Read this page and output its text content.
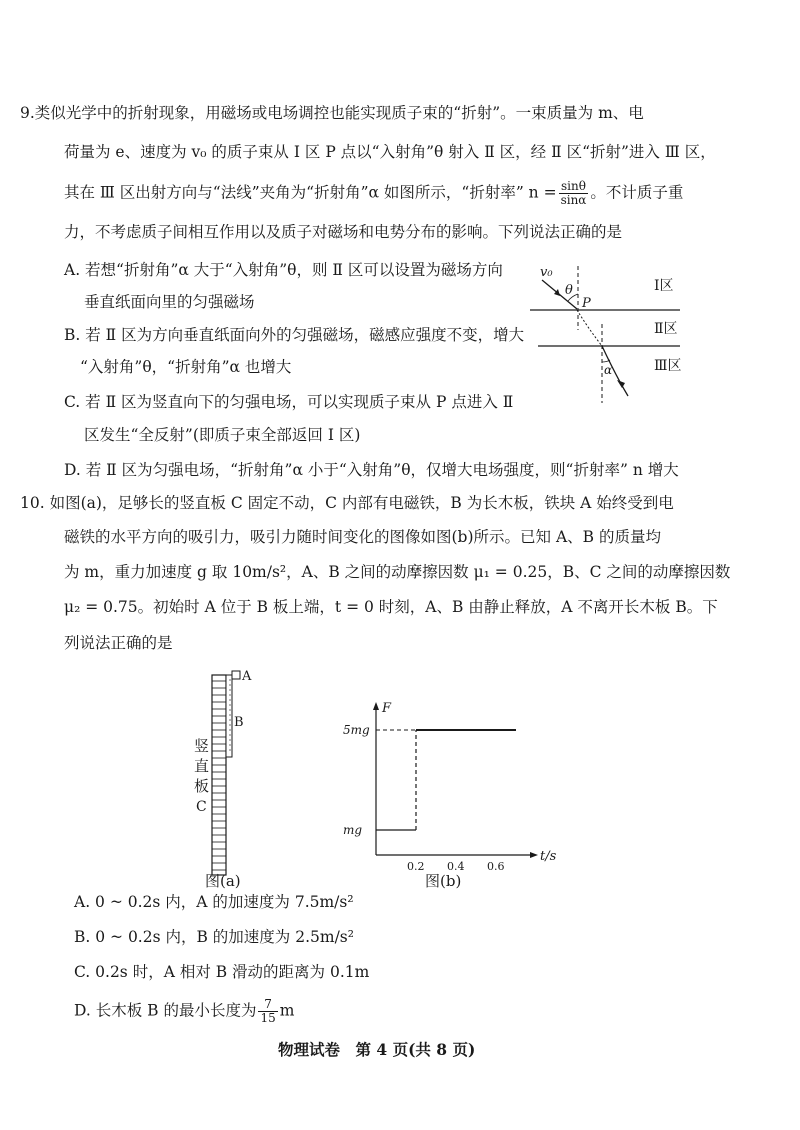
9.类似光学中的折射现象，用磁场或电场调控也能实现质子束的“折射”。一束质量为 m、电
荷量为 e、速度为 v₀ 的质子束从 Ⅰ 区 P 点以“入射角”θ 射入 Ⅱ 区，经 Ⅱ 区“折射”进入 Ⅲ 区，
其在 Ⅲ 区出射方向与“法线”夹角为“折射角”α 如图所示，“折射率” $n = \frac{\sin\theta}{\sin\alpha}$ 。不计质子重
力，不考虑质子间相互作用以及质子对磁场和电势分布的影响。下列说法正确的是
A. 若想“折射角”α 大于“入射角”θ，则 Ⅱ 区可以设置为磁场方向
垂直纸面向里的匀强磁场
B. 若 Ⅱ 区为方向垂直纸面向外的匀强磁场，磁感应强度不变，增大
“入射角”θ，“折射角”α 也增大
C. 若 Ⅱ 区为竖直向下的匀强电场，可以实现质子束从 P 点进入 Ⅱ
区发生“全反射”(即质子束全部返回 Ⅰ 区)
D. 若 Ⅱ 区为匀强电场，“折射角”α 小于“入射角”θ，仅增大电场强度，则“折射率” n 增大
v₀
θ
P
α
Ⅰ区
Ⅱ区
Ⅲ区
10. 如图(a)，足够长的竖直板 C 固定不动，C 内部有电磁铁，B 为长木板，铁块 A 始终受到电
磁铁的水平方向的吸引力，吸引力随时间变化的图像如图(b)所示。已知 A、B 的质量均
为 m，重力加速度 g 取 10m/s²，A、B 之间的动摩擦因数 μ₁ = 0.25，B、C 之间的动摩擦因数
μ₂ = 0.75。初始时 A 位于 B 板上端，t = 0 时刻，A、B 由静止释放，A 不离开长木板 B。下
列说法正确的是
A
B
竖
直
板
C
图(a)
F
t/s
0.2 0.4 0.6
mg
5mg
图(b)
A. 0 ~ 0.2s 内，A 的加速度为 7.5m/s²
B. 0 ~ 0.2s 内，B 的加速度为 2.5m/s²
C. 0.2s 时，A 相对 B 滑动的距离为 0.1m
D. 长木板 B 的最小长度为 $\frac{7}{15}$ m
物理试卷　第 4 页(共 8 页)
